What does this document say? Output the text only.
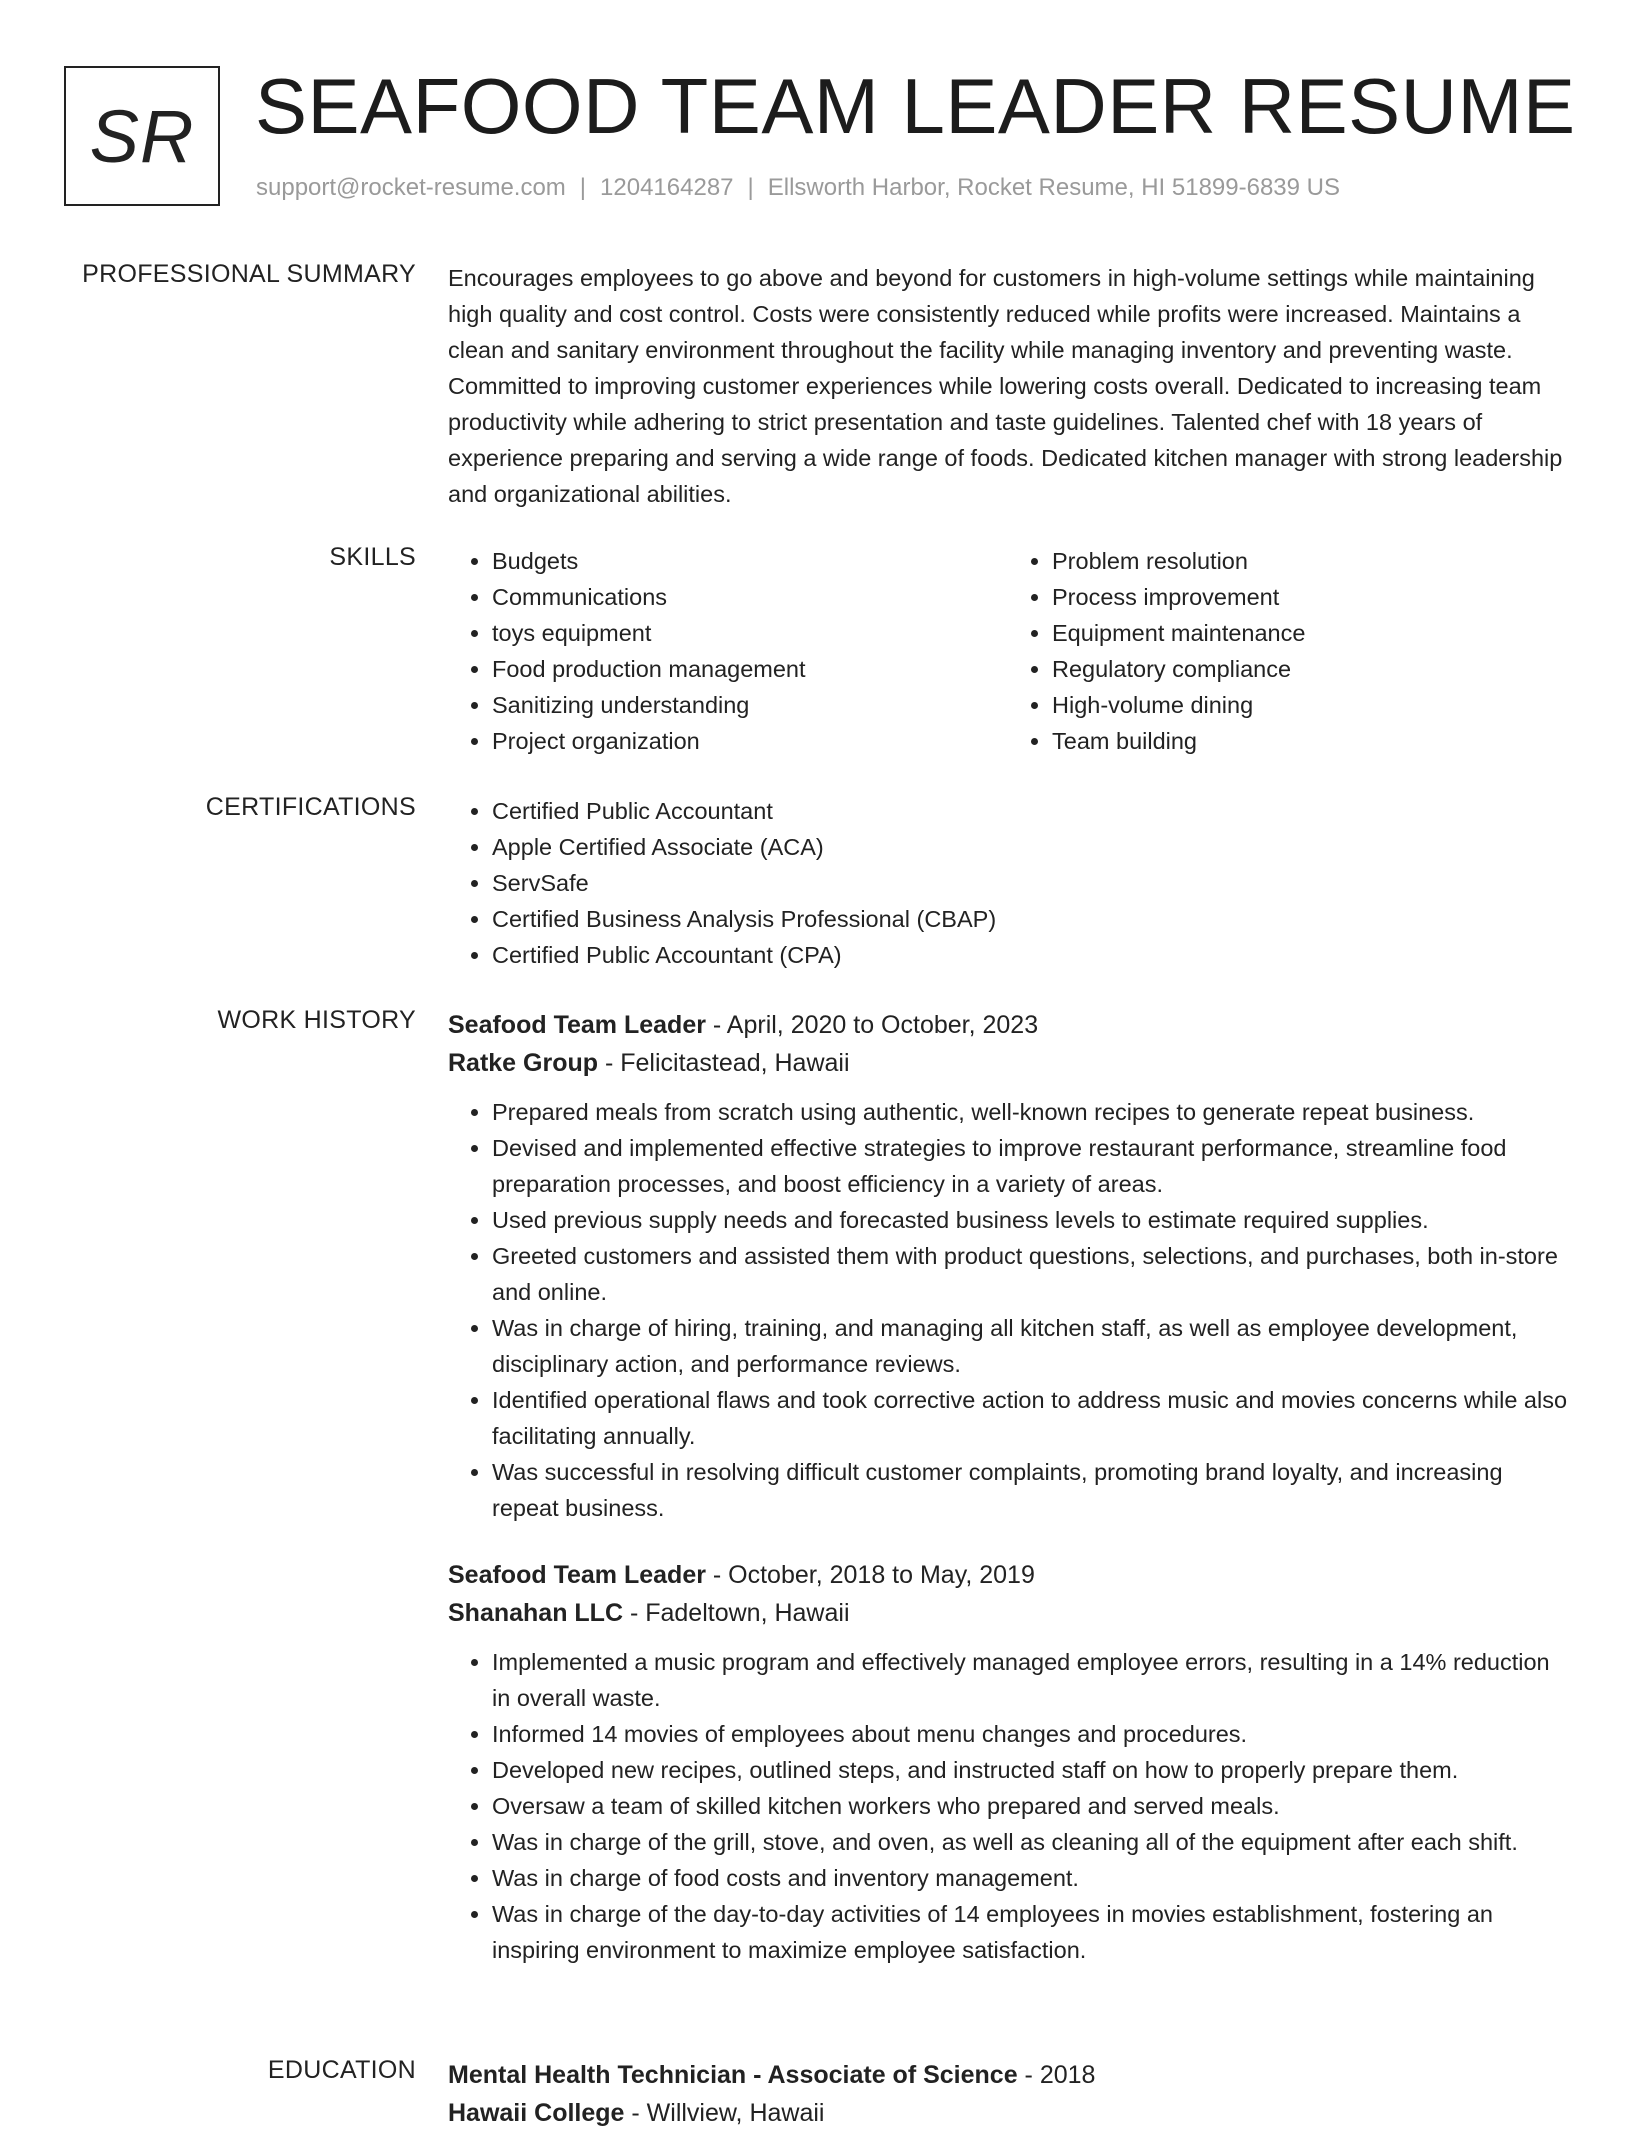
SR SEAFOOD TEAM LEADER RESUME
support@rocket-resume.com | 1204164287 | Ellsworth Harbor, Rocket Resume, HI 51899-6839 US
PROFESSIONAL SUMMARY Encourages employees to go above and beyond for customers in high-volume settings while maintaining high quality and cost control. Costs were consistently reduced while profits were increased. Maintains a clean and sanitary environment throughout the facility while managing inventory and preventing waste. Committed to improving customer experiences while lowering costs overall. Dedicated to increasing team productivity while adhering to strict presentation and taste guidelines. Talented chef with 18 years of experience preparing and serving a wide range of foods. Dedicated kitchen manager with strong leadership and organizational abilities.

SKILLS	• Budgets
• Communications
• toys equipment
• Food production management
• Sanitizing understanding
• Project organization
• Problem resolution
• Process improvement
• Equipment maintenance
• Regulatory compliance
• High-volume dining
• Team building
CERTIFICATIONS	• Certified Public Accountant
• Apple Certified Associate (ACA)
• ServSafe
• Certified Business Analysis Professional (CBAP)
• Certified Public Accountant (CPA)
WORK HISTORY Seafood Team Leader - April, 2020 to October, 2023
Ratke Group - Felicitastead, Hawaii
• Prepared meals from scratch using authentic, well-known recipes to generate repeat business.
• Devised and implemented effective strategies to improve restaurant performance, streamline food preparation processes, and boost efficiency in a variety of areas.
• Used previous supply needs and forecasted business levels to estimate required supplies.
• Greeted customers and assisted them with product questions, selections, and purchases, both in-store and online.
• Was in charge of hiring, training, and managing all kitchen staff, as well as employee development, disciplinary action, and performance reviews.
• Identified operational flaws and took corrective action to address music and movies concerns while also facilitating annually.
• Was successful in resolving difficult customer complaints, promoting brand loyalty, and increasing repeat business.
Seafood Team Leader - October, 2018 to May, 2019
Shanahan LLC - Fadeltown, Hawaii
• Implemented a music program and effectively managed employee errors, resulting in a 14% reduction in overall waste.
• Informed 14 movies of employees about menu changes and procedures.
• Developed new recipes, outlined steps, and instructed staff on how to properly prepare them.
• Oversaw a team of skilled kitchen workers who prepared and served meals.
• Was in charge of the grill, stove, and oven, as well as cleaning all of the equipment after each shift.
• Was in charge of food costs and inventory management.
• Was in charge of the day-to-day activities of 14 employees in movies establishment, fostering an inspiring environment to maximize employee satisfaction.
EDUCATION Mental Health Technician - Associate of Science - 2018
Hawaii College - Willview, Hawaii
